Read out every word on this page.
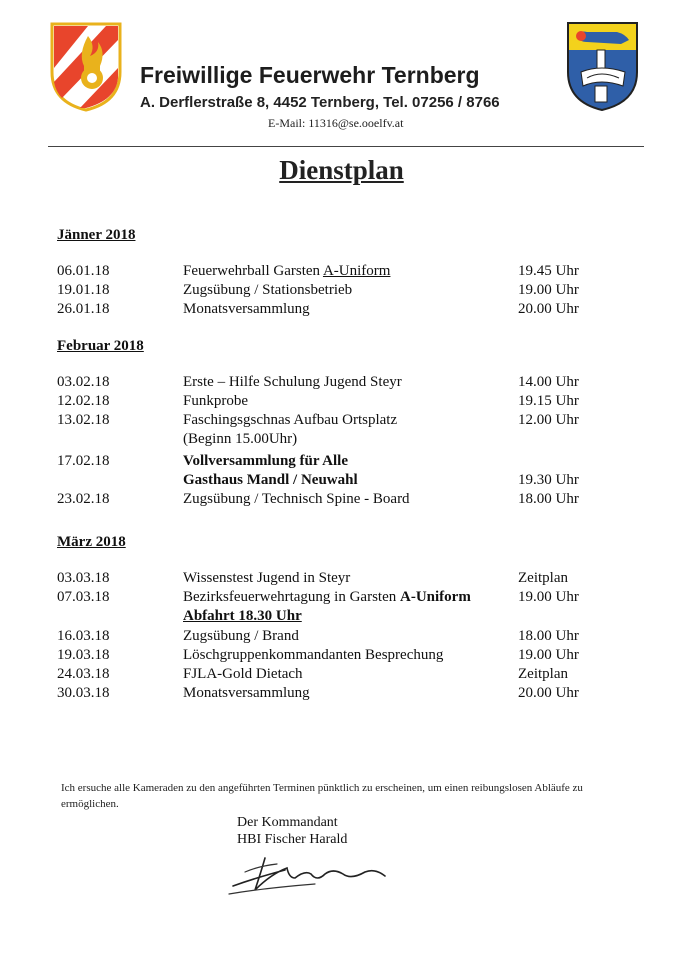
Freiwillige Feuerwehr Ternberg
A. Derflerstraße 8, 4452 Ternberg, Tel. 07256 / 8766
E-Mail: 11316@se.ooelfv.at
Dienstplan
Jänner 2018
06.01.18	Feuerwehrball Garsten A-Uniform	19.45 Uhr
19.01.18	Zugsübung / Stationsbetrieb	19.00 Uhr
26.01.18	Monatsversammlung	20.00 Uhr
Februar 2018
03.02.18	Erste – Hilfe Schulung Jugend Steyr	14.00 Uhr
12.02.18	Funkprobe	19.15 Uhr
13.02.18	Faschingsgschnas Aufbau Ortsplatz	12.00 Uhr
(Beginn 15.00Uhr)
17.02.18	Vollversammlung für Alle
Gasthaus Mandl / Neuwahl	19.30 Uhr
23.02.18	Zugsübung / Technisch Spine - Board	18.00 Uhr
März 2018
03.03.18	Wissenstest Jugend in Steyr	Zeitplan
07.03.18	Bezirksfeuerwehrtagung in Garsten A-Uniform	19.00 Uhr
Abfahrt 18.30 Uhr
16.03.18	Zugsübung / Brand	18.00 Uhr
19.03.18	Löschgruppenkommandanten Besprechung	19.00 Uhr
24.03.18	FJLA-Gold Dietach	Zeitplan
30.03.18	Monatsversammlung	20.00 Uhr
Ich ersuche alle Kameraden zu den angeführten Terminen pünktlich zu erscheinen, um einen reibungslosen Abläufe zu ermöglichen.
Der Kommandant
HBI Fischer Harald
